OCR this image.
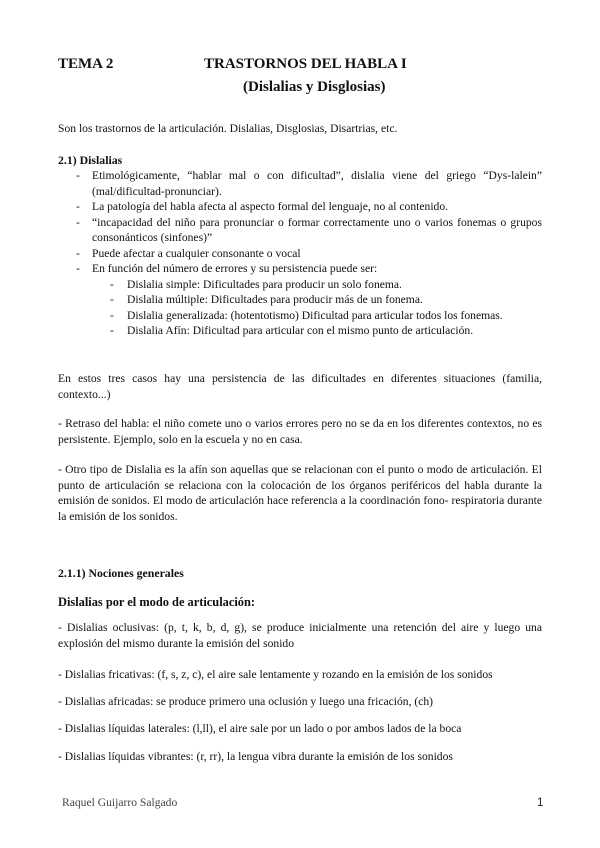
TEMA 2	TRASTORNOS DEL HABLA I
(Dislalias y Disglosias)
Son los trastornos de la articulación. Dislalias, Disglosias, Disartrias, etc.
2.1) Dislalias
- Etimológicamente, “hablar mal o con dificultad”, dislalia viene del griego “Dys-lalein” (mal/dificultad-pronunciar).
- La patología del habla afecta al aspecto formal del lenguaje, no al contenido.
- “incapacidad del niño para pronunciar o formar correctamente uno o varios fonemas o grupos consonánticos (sinfones)”
- Puede afectar a cualquier consonante o vocal
- En función del número de errores y su persistencia puede ser:
- Dislalia simple: Dificultades para producir un solo fonema.
- Dislalia múltiple: Dificultades para producir más de un fonema.
- Dislalia generalizada: (hotentotismo) Dificultad para articular todos los fonemas.
- Dislalia Afín: Dificultad para articular con el mismo punto de articulación.
En estos tres casos hay una persistencia de las dificultades en diferentes situaciones (familia, contexto...)
- Retraso del habla: el niño comete uno o varios errores pero no se da en los diferentes contextos, no es persistente. Ejemplo, solo en la escuela y no en casa.
- Otro tipo de Dislalia es la afín son aquellas que se relacionan con el punto o modo de articulación. El punto de articulación se relaciona con la colocación de los órganos periféricos del habla durante la emisión de sonidos. El modo de articulación hace referencia a la coordinación fono- respiratoria durante la emisión de los sonidos.
2.1.1) Nociones generales
Dislalias por el modo de articulación:
- Dislalias oclusivas: (p, t, k, b, d, g), se produce inicialmente una retención del aire y luego una explosión del mismo durante la emisión del sonido
- Dislalias fricativas: (f, s, z, c), el aire sale lentamente y rozando en la emisión de los sonidos
- Dislalias africadas: se produce primero una oclusión y luego una fricación, (ch)
- Dislalias líquidas laterales: (l,ll), el aire sale por un lado o por ambos lados de la boca
- Dislalias líquidas vibrantes: (r, rr), la lengua vibra durante la emisión de los sonidos
Raquel Guijarro Salgado	1
